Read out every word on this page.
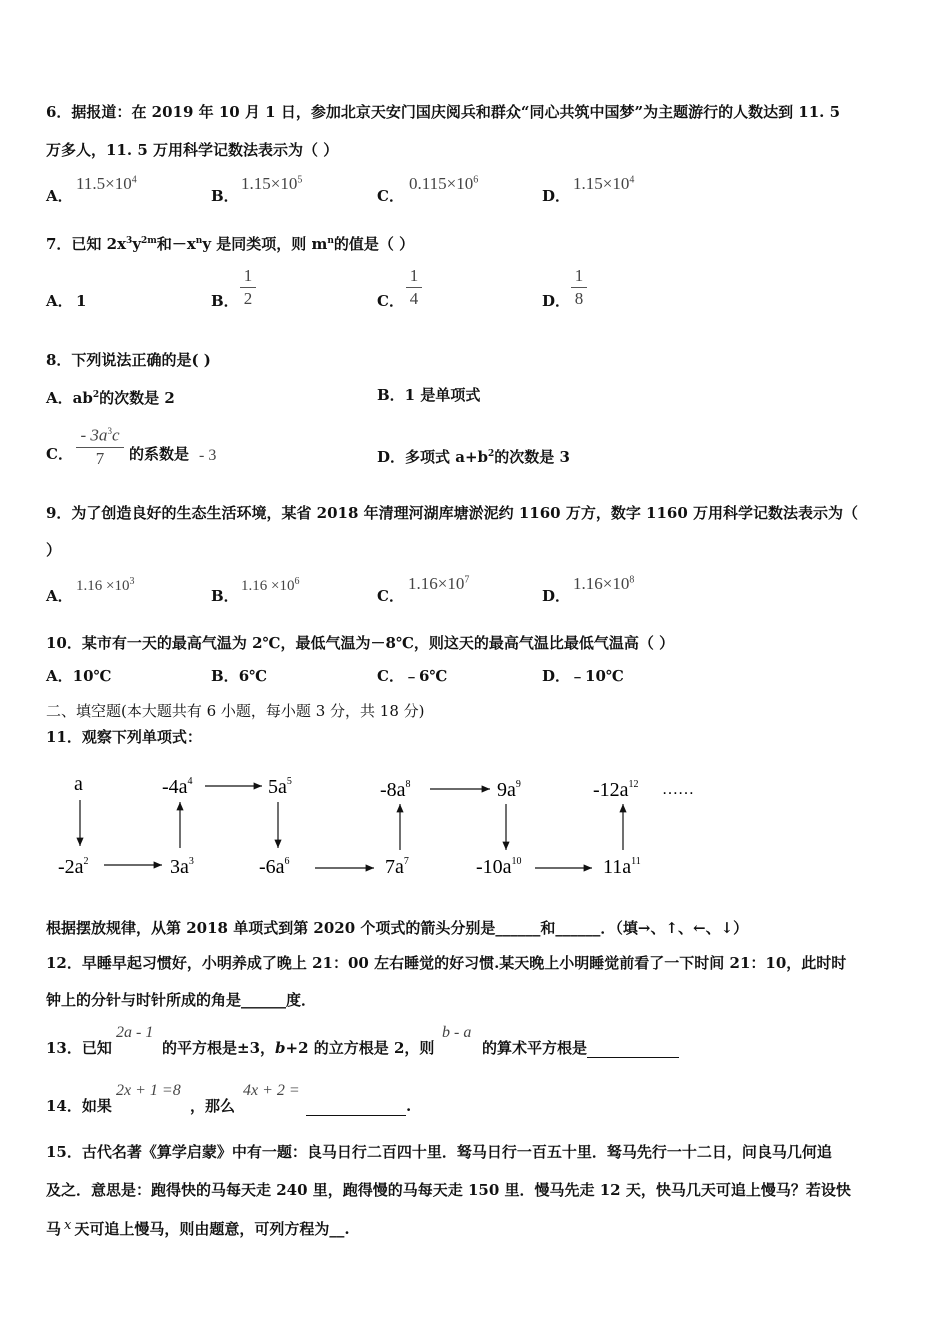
6．据报道：在 2019 年 10 月 1 日，参加北京天安门国庆阅兵和群众“同心共筑中国梦”为主题游行的人数达到 11. 5
万多人，11. 5 万用科学记数法表示为（ ）
A．
$11.5\times 10^4$
B．
$1.15\times 10^5$
C．
$0.115\times 10^6$
D．
$1.15\times 10^4$
7．已知 $2x^3y^{2m}$和$-x^ny$ 是同类项，则 $m^n$的值是（ ）
A． 1	B．
1
2	C．
1
4	D．
1
8
8．下列说法正确的是( )
A．$ab^2$的次数是 2	B．1 是单项式
C．
- $3a^3c$
7	的系数是 - 3	D．多项式 $a+b^2$的次数是 3
9．为了创造良好的生态生活环境，某省 2018 年清理河湖库塘淤泥约 1160 万方，数字 1160 万用科学记数法表示为（
）
A．
$1.16 \times 10^3$
B．
$1.16 \times 10^6$
C．
$1.16\times 10^7$
D．
$1.16\times 10^8$
10．某市有一天的最高气温为 2℃，最低气温为－8℃，则这天的最高气温比最低气温高（ ）
A．10℃	B．6℃	C．﹣6℃	D．﹣10℃
二、填空题(本大题共有 6 小题，每小题 3 分，共 18 分)
11．观察下列单项式：
a
$-2a^2$	$3a^3$
$-4a^4$	$5a^5$
$-6a^6$	$7a^7$
$-8a^8$	$9a^9$
$-10a^{10}$	$11a^{11}$
$-12a^{12}$ ……
根据摆放规律，从第 2018 单项式到第 2020 个项式的箭头分别是______和______．（填→、↑、←、↓）
12．早睡早起习惯好，小明养成了晚上 21：00 左右睡觉的好习惯.某天晚上小明睡觉前看了一下时间 21：10，此时时
钟上的分针与时针所成的角是______度．
13．已知
2a - 1
的平方根是±3，b+2 的立方根是 2，则
b - a
的算术平方根是
14．如果
2x + 1 =8
，那么
4x + 2 =
.
15．古代名著《算学启蒙》中有一题：良马日行二百四十里．驽马日行一百五十里．驽马先行一十二日，问良马几何追
及之．意思是：跑得快的马每天走 240 里，跑得慢的马每天走 150 里．慢马先走 12 天，快马几天可追上慢马？若设快
马 x 天可追上慢马，则由题意，可列方程为__.
